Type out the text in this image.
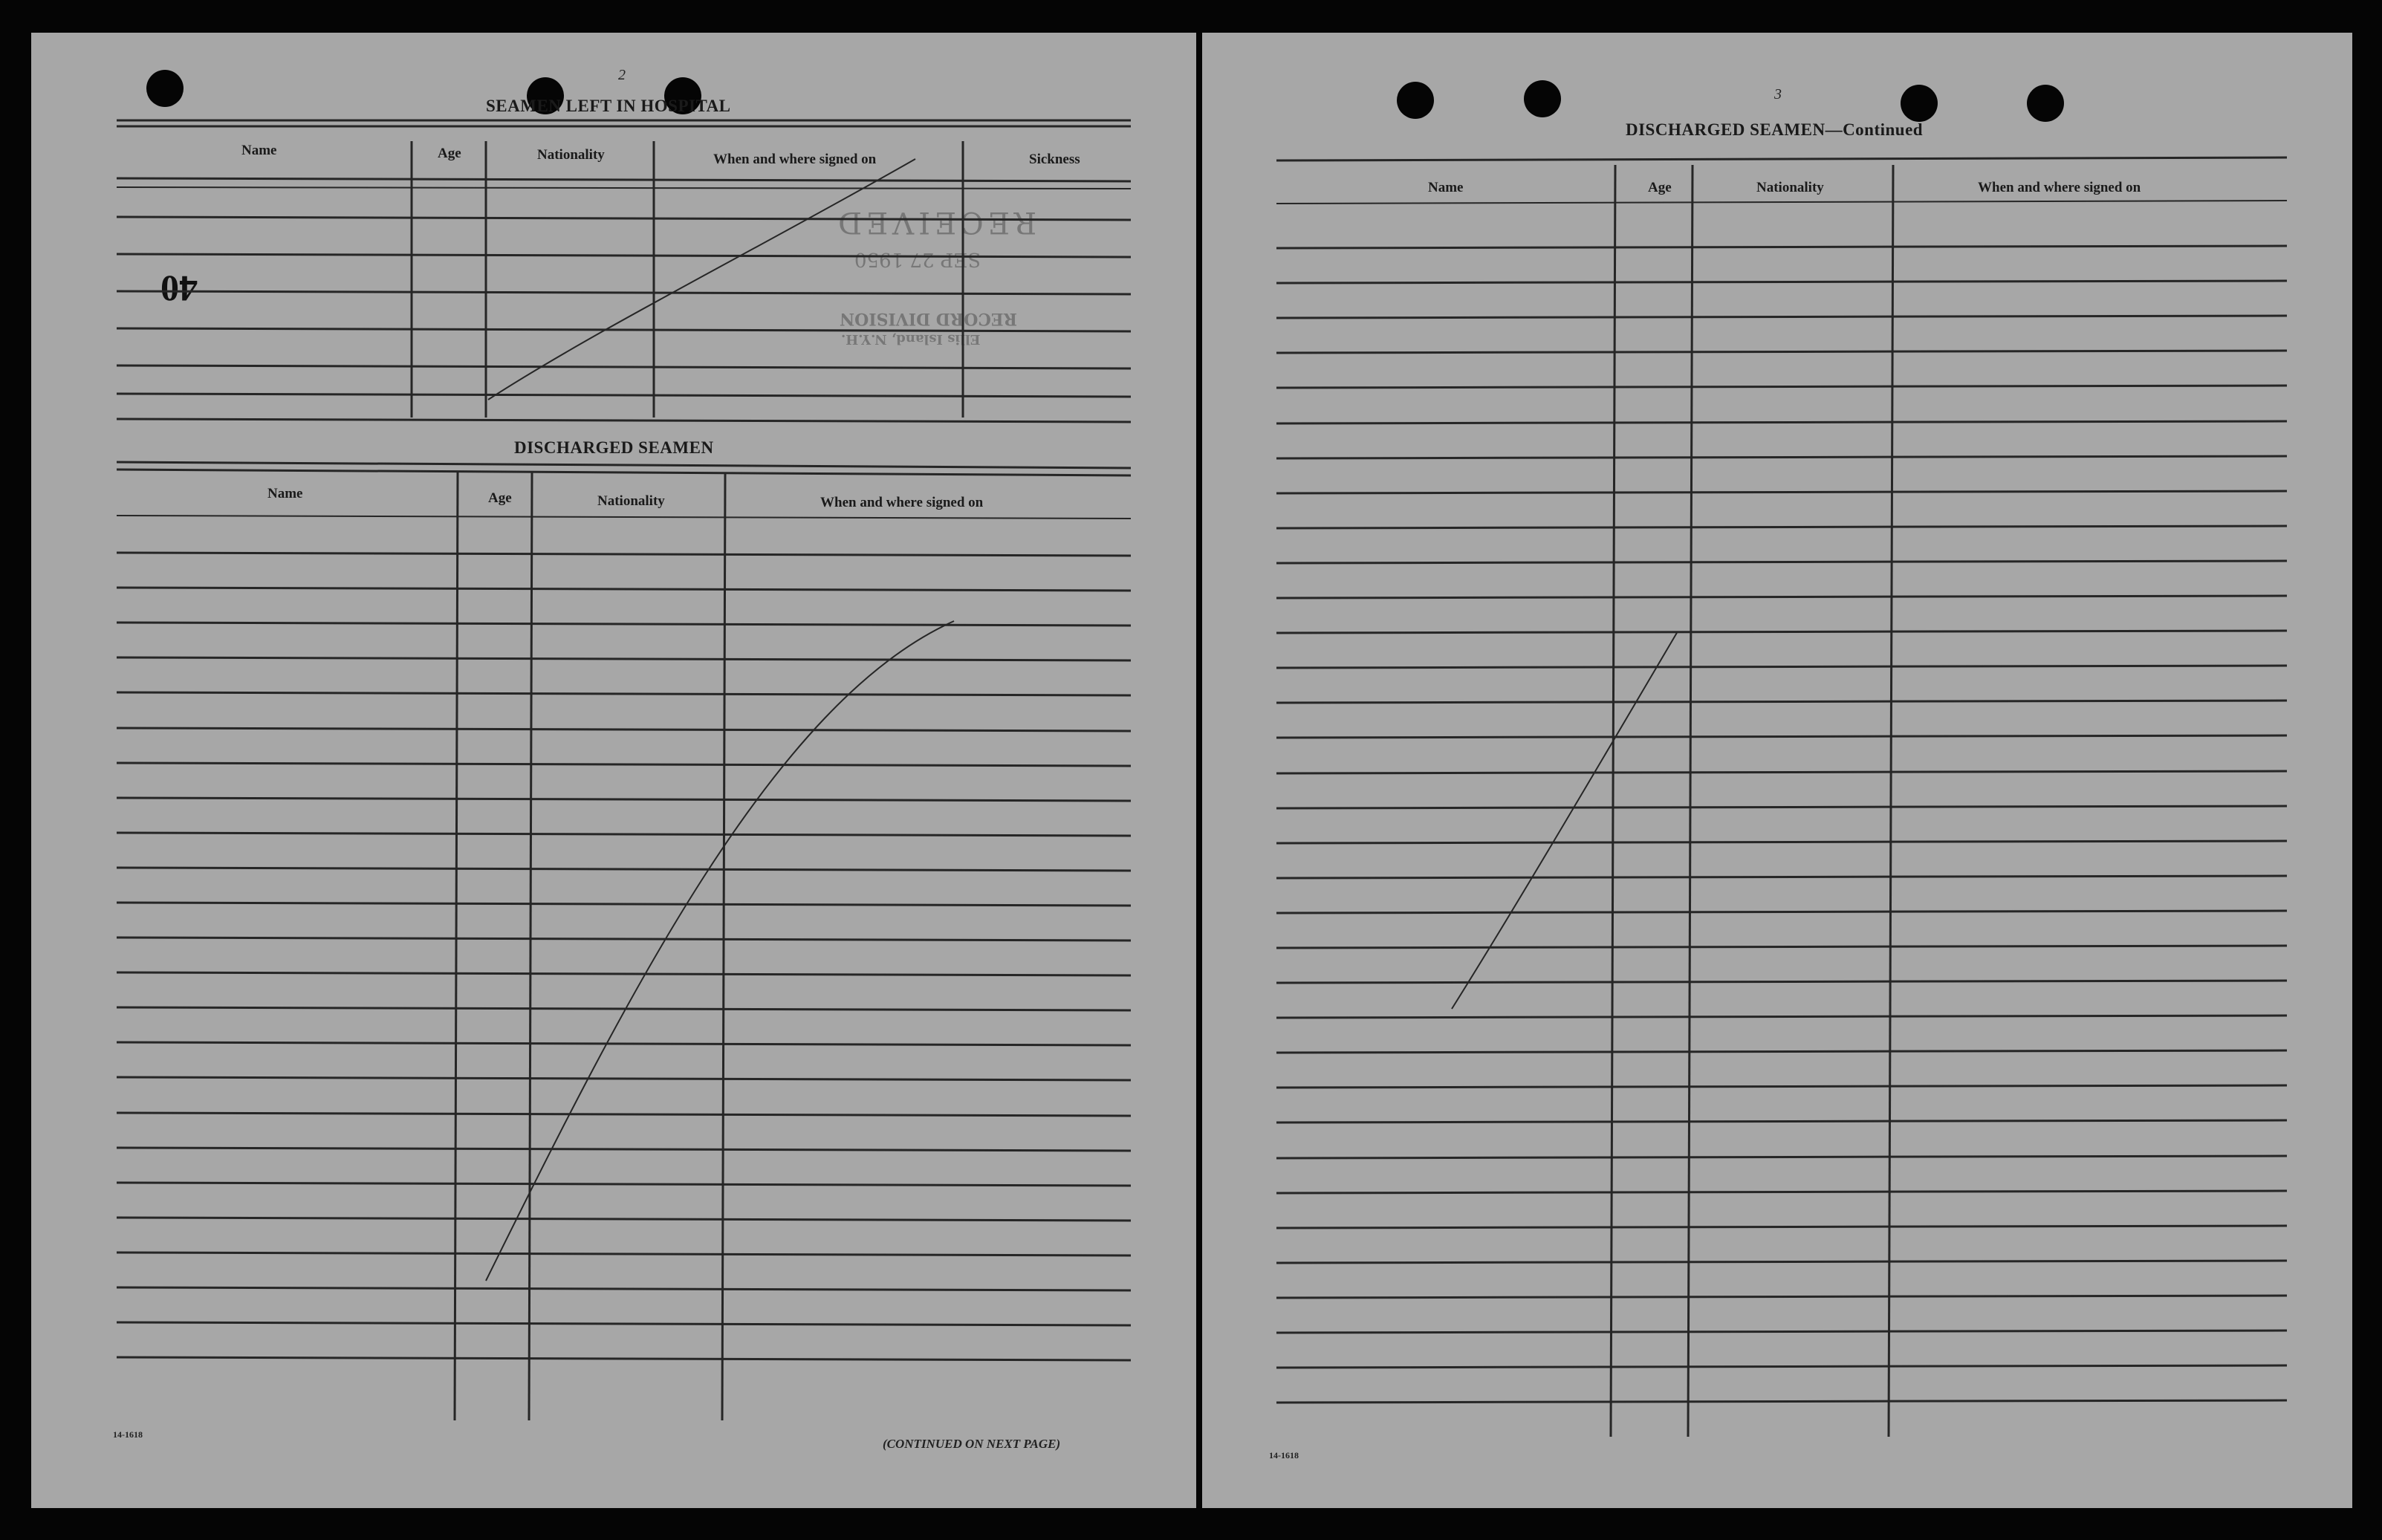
2
SEAMEN LEFT IN HOSPITAL
Name	Age	Nationality	When and where signed on	Sickness
40
RECEIVED
SEP 27 1950
RECORD DIVISION
Ellis Island, N.Y.H.
DISCHARGED SEAMEN
Name	Age	Nationality	When and where signed on
14-1618
(CONTINUED ON NEXT PAGE)
3
DISCHARGED SEAMEN—Continued
Name	Age	Nationality	When and where signed on
14-1618
